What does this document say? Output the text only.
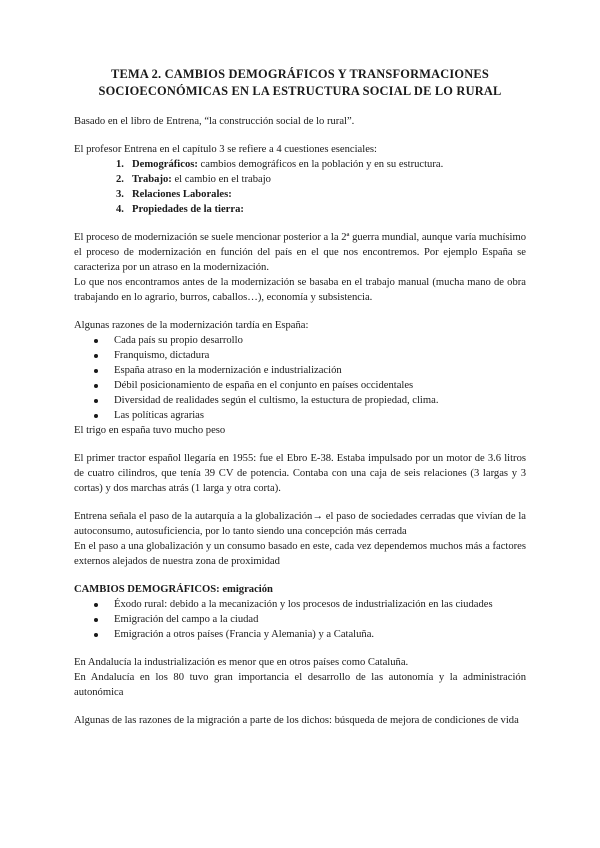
TEMA 2. CAMBIOS DEMOGRÁFICOS Y TRANSFORMACIONES SOCIOECONÓMICAS EN LA ESTRUCTURA SOCIAL DE LO RURAL

Basado en el libro de Entrena, “la construcción social de lo rural”.

El profesor Entrena en el capítulo 3 se refiere a 4 cuestiones esenciales:

1. Demográficos: cambios demográficos en la población y en su estructura.
2. Trabajo: el cambio en el trabajo
3. Relaciones Laborales:
4. Propiedades de la tierra:

El proceso de modernización se suele mencionar posterior a la 2ª guerra mundial, aunque varía muchísimo el proceso de modernización en función del país en el que nos encontremos. Por ejemplo España se caracteriza por un atraso en la modernización.

Lo que nos encontramos antes de la modernización se basaba en el trabajo manual (mucha mano de obra trabajando en lo agrario, burros, caballos…), economía y subsistencia.

Algunas razones de la modernización tardía en España:

Cada país su propio desarrollo
Franquismo, dictadura
España atraso en la modernización e industrialización
Débil posicionamiento de españa en el conjunto en países occidentales
Diversidad de realidades según el cultismo, la estuctura de propiedad, clima.
Las políticas agrarias

El trigo en españa tuvo mucho peso

El primer tractor español llegaría en 1955: fue el Ebro E-38. Estaba impulsado por un motor de 3.6 litros de cuatro cilindros, que tenía 39 CV de potencia. Contaba con una caja de seis relaciones (3 largas y 3 cortas) y dos marchas atrás (1 larga y otra corta).

Entrena señala el paso de la autarquía a la globalización→ el paso de sociedades cerradas que vivían de la autoconsumo, autosuficiencia, por lo tanto siendo una concepción más cerrada

En el paso a una globalización y un consumo basado en este, cada vez dependemos muchos más a factores externos alejados de nuestra zona de proximidad

CAMBIOS DEMOGRÁFICOS: emigración

Éxodo rural: debido a la mecanización y los procesos de industrialización en las ciudades
Emigración del campo a la ciudad
Emigración a otros países (Francia y Alemania) y a Cataluña.

En Andalucía la industrialización es menor que en otros países como Cataluña.

En Andalucía en los 80 tuvo gran importancia el desarrollo de las autonomía y la administración autonómica

Algunas de las razones de la migración a parte de los dichos: búsqueda de mejora de condiciones de vida
